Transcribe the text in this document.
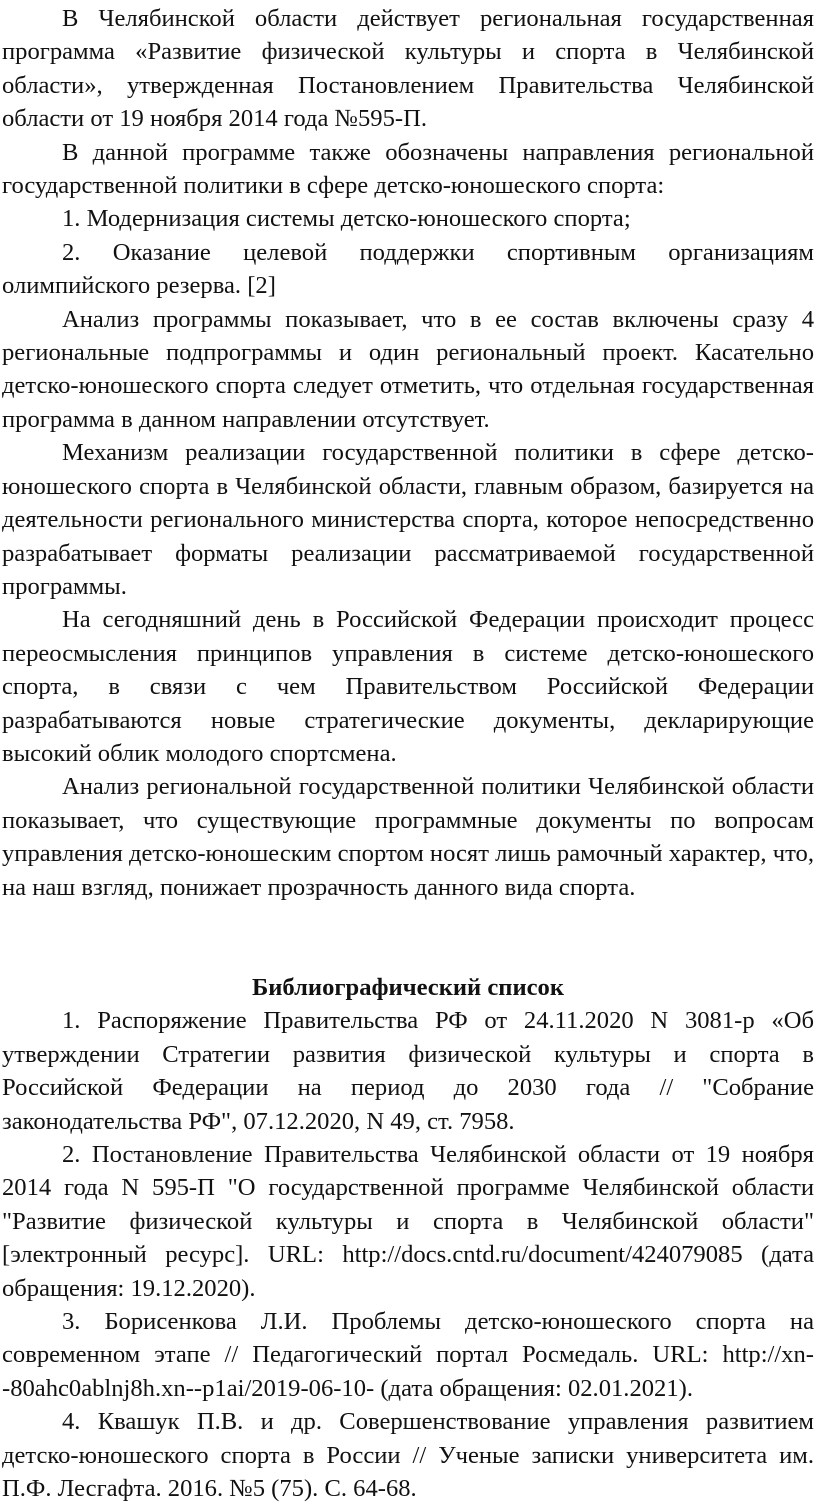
В Челябинской области действует региональная государственная программа «Развитие физической культуры и спорта в Челябинской области», утвержденная Постановлением Правительства Челябинской области от 19 ноября 2014 года №595-П.

В данной программе также обозначены направления региональной государственной политики в сфере детско-юношеского спорта:

1. Модернизация системы детско-юношеского спорта;

2. Оказание целевой поддержки спортивным организациям олимпийского резерва. [2]

Анализ программы показывает, что в ее состав включены сразу 4 региональные подпрограммы и один региональный проект. Касательно детско-юношеского спорта следует отметить, что отдельная государственная программа в данном направлении отсутствует.

Механизм реализации государственной политики в сфере детско-юношеского спорта в Челябинской области, главным образом, базируется на деятельности регионального министерства спорта, которое непосредственно разрабатывает форматы реализации рассматриваемой государственной программы.

На сегодняшний день в Российской Федерации происходит процесс переосмысления принципов управления в системе детско-юношеского спорта, в связи с чем Правительством Российской Федерации разрабатываются новые стратегические документы, декларирующие высокий облик молодого спортсмена.

Анализ региональной государственной политики Челябинской области показывает, что существующие программные документы по вопросам управления детско-юношеским спортом носят лишь рамочный характер, что, на наш взгляд, понижает прозрачность данного вида спорта.

Библиографический список

1. Распоряжение Правительства РФ от 24.11.2020 N 3081-р «Об утверждении Стратегии развития физической культуры и спорта в Российской Федерации на период до 2030 года // "Собрание законодательства РФ", 07.12.2020, N 49, ст. 7958.

2. Постановление Правительства Челябинской области от 19 ноября 2014 года N 595-П "О государственной программе Челябинской области "Развитие физической культуры и спорта в Челябинской области" [электронный ресурс]. URL: http://docs.cntd.ru/document/424079085 (дата обращения: 19.12.2020).

3. Борисенкова Л.И. Проблемы детско-юношеского спорта на современном этапе // Педагогический портал Росмедаль. URL: http://xn--80ahc0ablnj8h.xn--p1ai/2019-06-10- (дата обращения: 02.01.2021).

4. Квашук П.В. и др. Совершенствование управления развитием детско-юношеского спорта в России // Ученые записки университета им. П.Ф. Лесгафта. 2016. №5 (75). С. 64-68.
